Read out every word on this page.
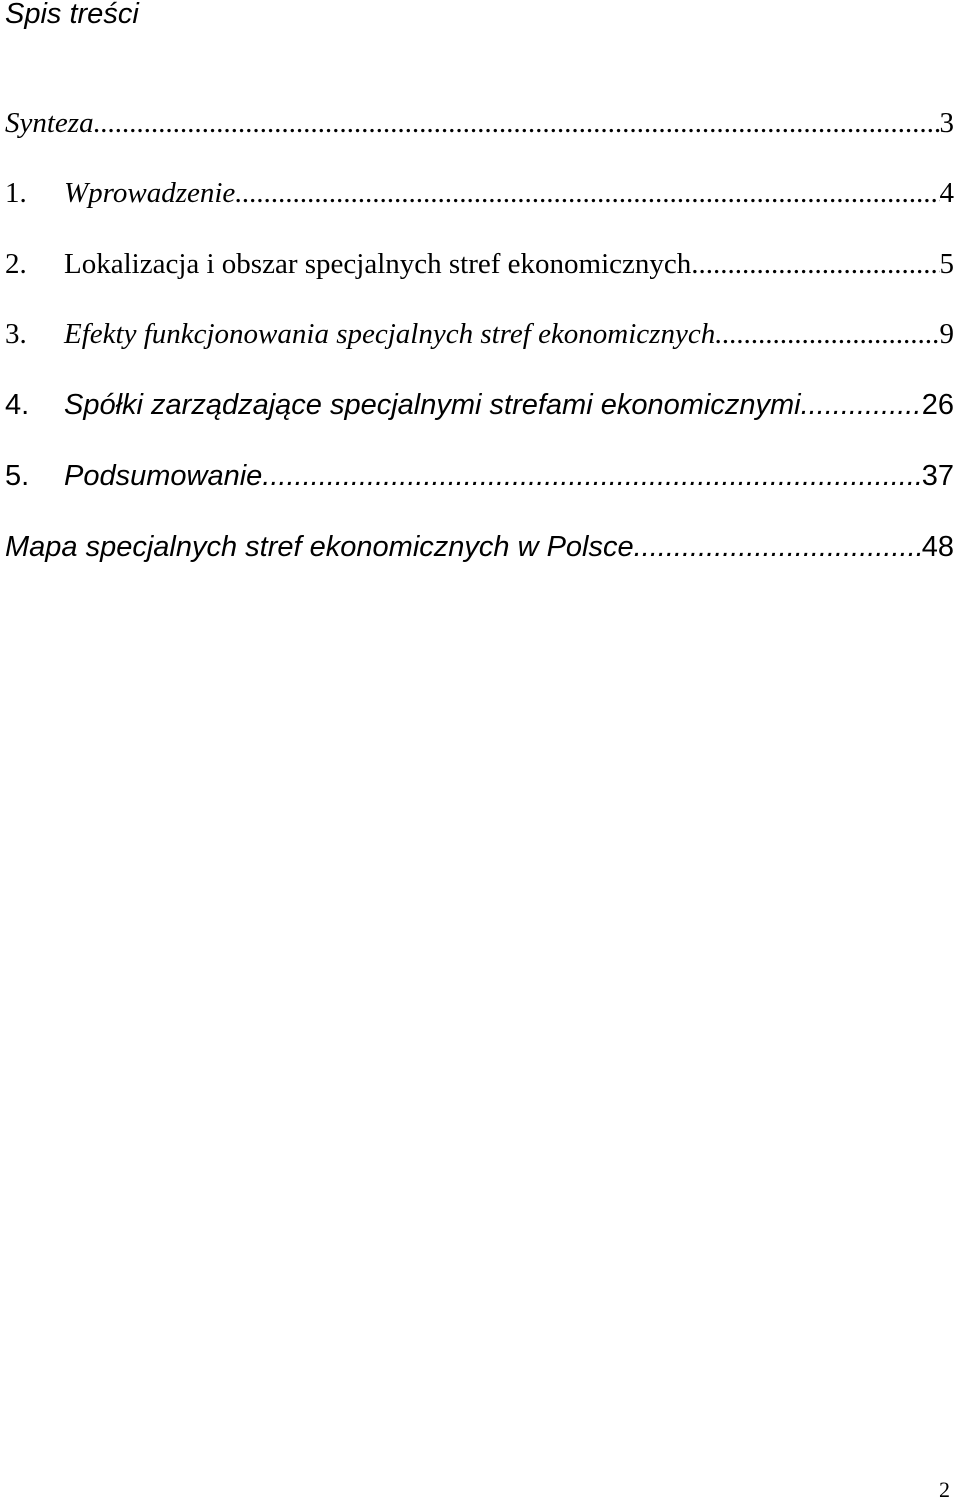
Spis treści
Synteza .....	3
1.	Wprowadzenie .....	4
2.	Lokalizacja i obszar specjalnych stref ekonomicznych .....	5
3.	Efekty funkcjonowania specjalnych stref ekonomicznych .....	9
4.	Spółki zarządzające specjalnymi strefami ekonomicznymi .....	26
5.	Podsumowanie .....	37
Mapa specjalnych stref ekonomicznych w Polsce .....	48
2
